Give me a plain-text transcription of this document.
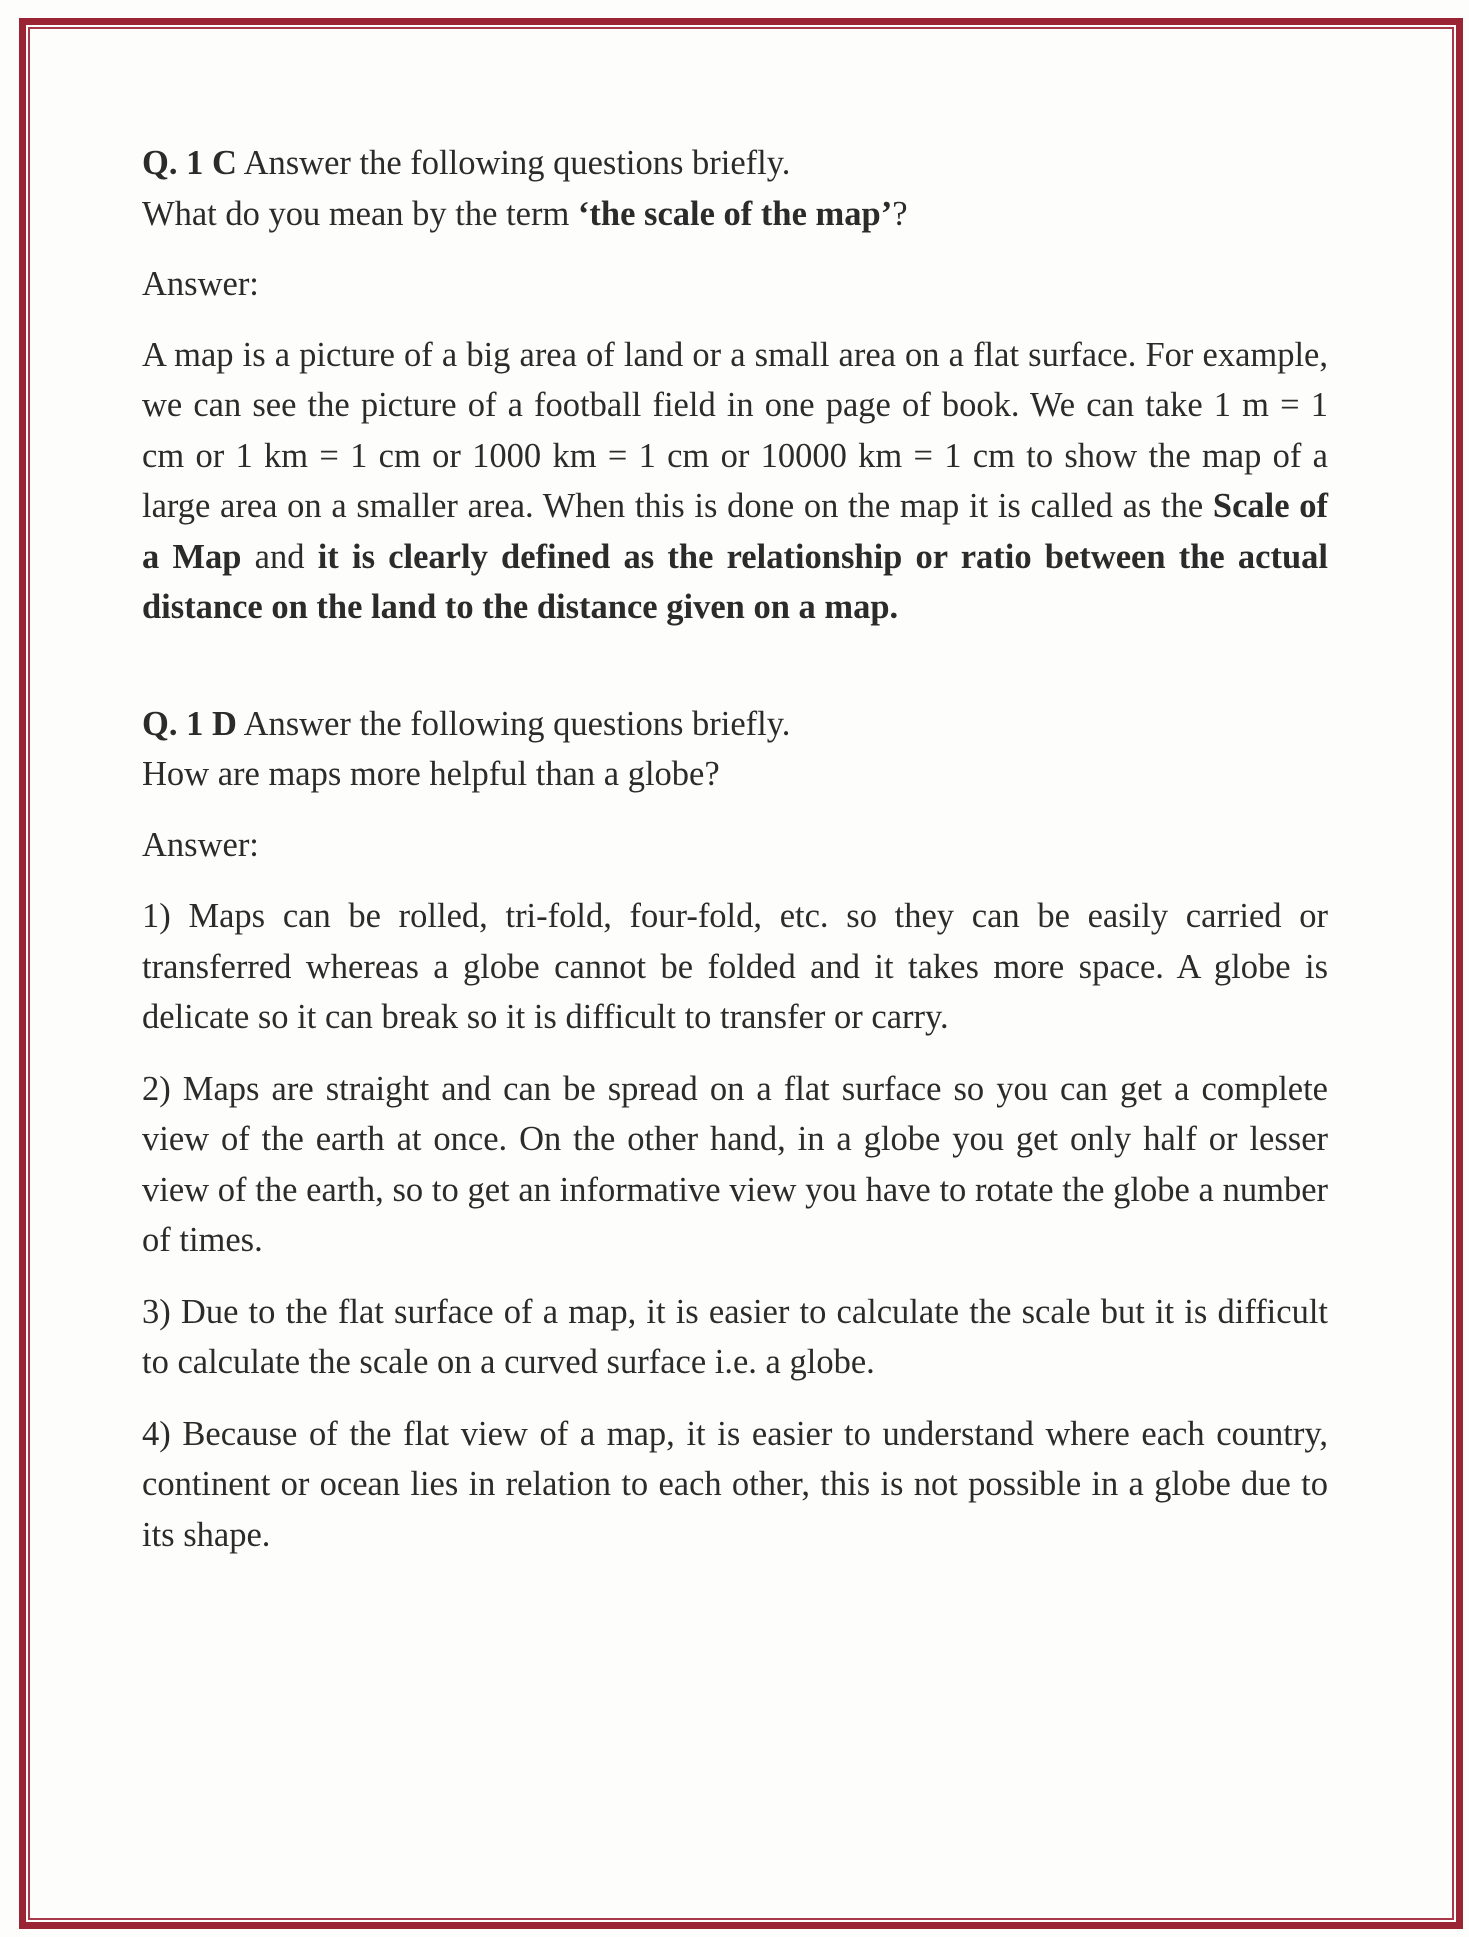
Q. 1 C Answer the following questions briefly.

What do you mean by the term ‘the scale of the map’?

Answer:

A map is a picture of a big area of land or a small area on a flat surface. For example, we can see the picture of a football field in one page of book. We can take 1 m = 1 cm or 1 km = 1 cm or 1000 km = 1 cm or 10000 km = 1 cm to show the map of a large area on a smaller area. When this is done on the map it is called as the Scale of a Map and it is clearly defined as the relationship or ratio between the actual distance on the land to the distance given on a map.

Q. 1 D Answer the following questions briefly.

How are maps more helpful than a globe?

Answer:

1) Maps can be rolled, tri-fold, four-fold, etc. so they can be easily carried or transferred whereas a globe cannot be folded and it takes more space. A globe is delicate so it can break so it is difficult to transfer or carry.

2) Maps are straight and can be spread on a flat surface so you can get a complete view of the earth at once. On the other hand, in a globe you get only half or lesser view of the earth, so to get an informative view you have to rotate the globe a number of times.

3) Due to the flat surface of a map, it is easier to calculate the scale but it is difficult to calculate the scale on a curved surface i.e. a globe.

4) Because of the flat view of a map, it is easier to understand where each country, continent or ocean lies in relation to each other, this is not possible in a globe due to its shape.
